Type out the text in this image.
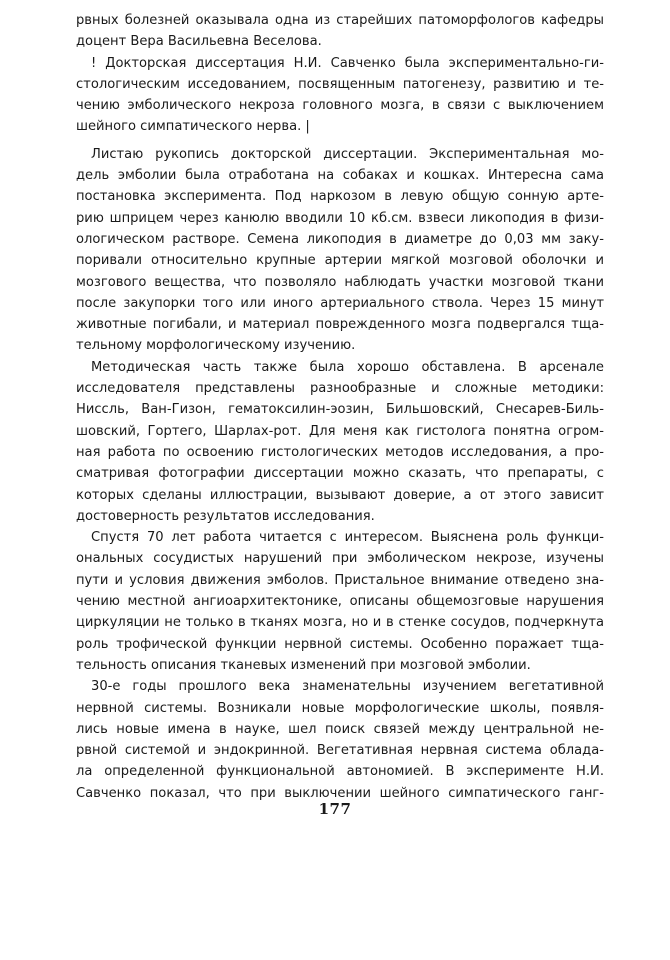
рвных болезней оказывала одна из старейших патоморфологов кафедры
доцент Вера Васильевна Веселова.

! Докторская диссертация Н.И. Савченко была экспериментально-ги-
стологическим исседованием, посвященным патогенезу, развитию и те-
чению эмболического некроза головного мозга, в связи с выключением
шейного симпатического нерва. |

Листаю рукопись докторской диссертации. Экспериментальная мо-
дель эмболии была отработана на собаках и кошках. Интересна сама
постановка эксперимента. Под наркозом в левую общую сонную арте-
рию шприцем через канюлю вводили 10 кб.см. взвеси ликоподия в физи-
ологическом растворе. Семена ликоподия в диаметре до 0,03 мм заку-
поривали относительно крупные артерии мягкой мозговой оболочки и
мозгового вещества, что позволяло наблюдать участки мозговой ткани
после закупорки того или иного артериального ствола. Через 15 минут
животные погибали, и материал поврежденного мозга подвергался тща-
тельному морфологическому изучению.

Методическая часть также была хорошо обставлена. В арсенале
исследователя представлены разнообразные и сложные методики:
Ниссль, Ван-Гизон, гематоксилин-эозин, Бильшовский, Снесарев-Биль-
шовский, Гортего, Шарлах-рот. Для меня как гистолога понятна огром-
ная работа по освоению гистологических методов исследования, а про-
сматривая фотографии диссертации можно сказать, что препараты, с
которых сделаны иллюстрации, вызывают доверие, а от этого зависит
достоверность результатов исследования.

Спустя 70 лет работа читается с интересом. Выяснена роль функци-
ональных сосудистых нарушений при эмболическом некрозе, изучены
пути и условия движения эмболов. Пристальное внимание отведено зна-
чению местной ангиоархитектонике, описаны общемозговые нарушения
циркуляции не только в тканях мозга, но и в стенке сосудов, подчеркнута
роль трофической функции нервной системы. Особенно поражает тща-
тельность описания тканевых изменений при мозговой эмболии.

30-е годы прошлого века знаменательны изучением вегетативной
нервной системы. Возникали новые морфологические школы, появля-
лись новые имена в науке, шел поиск связей между центральной не-
рвной системой и эндокринной. Вегетативная нервная система облада-
ла определенной функциональной автономией. В эксперименте Н.И.
Савченко показал, что при выключении шейного симпатического ганг-

177
